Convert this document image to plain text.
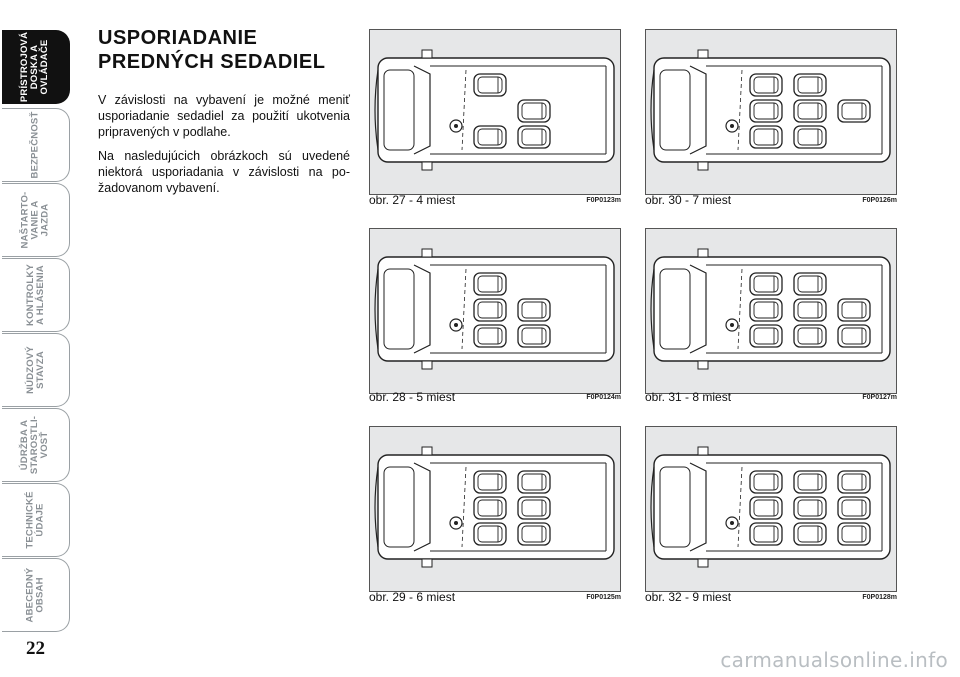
PRÍSTROJOVÁ
DOSKA A
OVLÁDAČE
BEZPEČNOSŤ
NAŠTARTO-
VANIE A
JAZDA
KONTROLKY
A HLÁSENIA
NÚDZOVÝ
STAVZA
ÚDRŽBA A
STAROSTLI-
VOSŤ
TECHNICKÉ
ÚDAJE
ABECEDNÝ
OBSAH
22
USPORIADANIE PREDNÝCH SEDADIEL

V závislosti na vybavení je možné meniť usporiadanie sedadiel za použití ukotvenia pripravených v podlahe.

Na nasledujúcich obrázkoch sú uvedené niektorá usporiadania v závislosti na po-žadovanom vybavení.

obr. 27 - 4 miest	F0P0123m obr. 30 - 7 miest	F0P0126m
obr. 28 - 5 miest	F0P0124m obr. 31 - 8 miest	F0P0127m
obr. 29 - 6 miest	F0P0125m obr. 32 - 9 miest	F0P0128m
carmanualsonline.info
